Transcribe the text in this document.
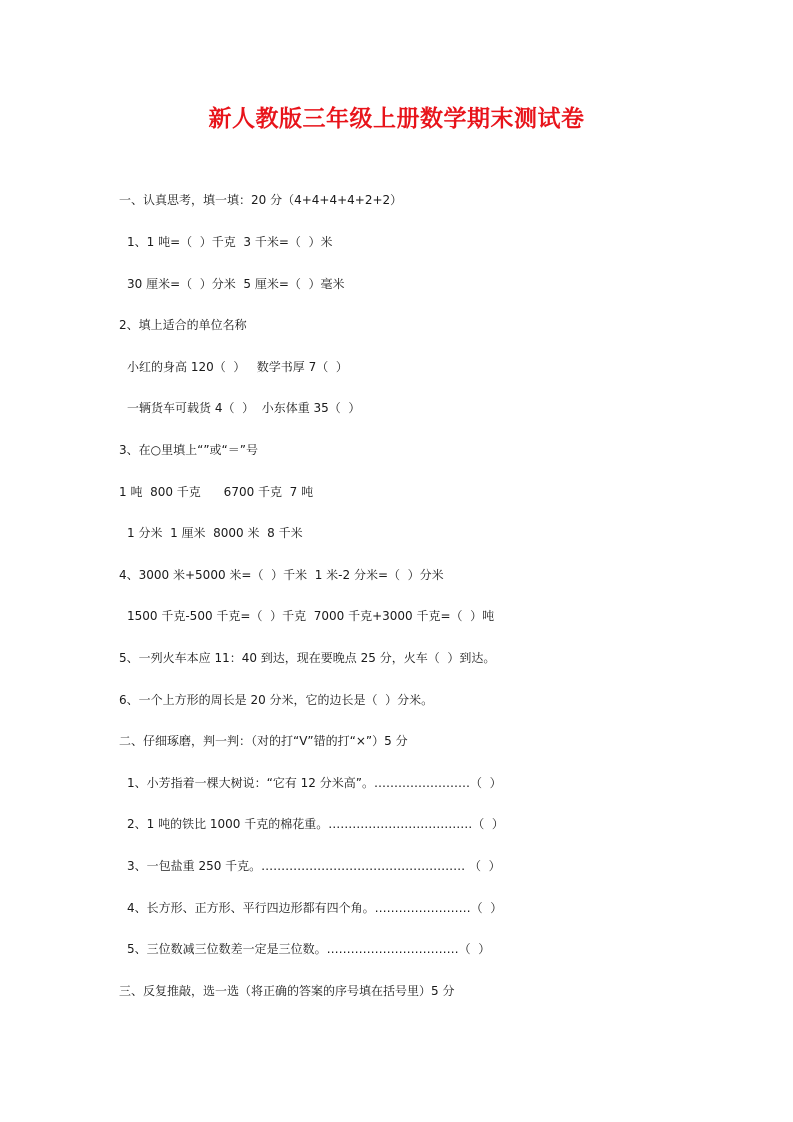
新人教版三年级上册数学期末测试卷
一、认真思考，填一填：20 分（4+4+4+4+2+2）
1、1 吨=（  ）千克  3 千米=（  ）米
30 厘米=（  ）分米  5 厘米=（  ）毫米
2、填上适合的单位名称
小红的身高 120（  ）   数学书厚 7（  ）
一辆货车可载货 4（  ）  小东体重 35（  ）
3、在○里填上“”或“＝”号
1 吨  800 千克      6700 千克  7 吨
1 分米  1 厘米  8000 米  8 千米
4、3000 米+5000 米=（  ）千米  1 米-2 分米=（  ）分米
1500 千克-500 千克=（  ）千克  7000 千克+3000 千克=（  ）吨
5、一列火车本应 11：40 到达，现在要晚点 25 分，火车（  ）到达。
6、一个上方形的周长是 20 分米，它的边长是（  ）分米。
二、仔细琢磨，判一判：（对的打“V”错的打“×”）5 分
1、小芳指着一棵大树说：“它有 12 分米高”。……………………（  ）
2、1 吨的铁比 1000 千克的棉花重。………………………………（  ）
3、一包盐重 250 千克。…………………………………………… （  ）
4、长方形、正方形、平行四边形都有四个角。……………………（  ）
5、三位数减三位数差一定是三位数。……………………………（  ）
三、反复推敲，选一选（将正确的答案的序号填在括号里）5 分
